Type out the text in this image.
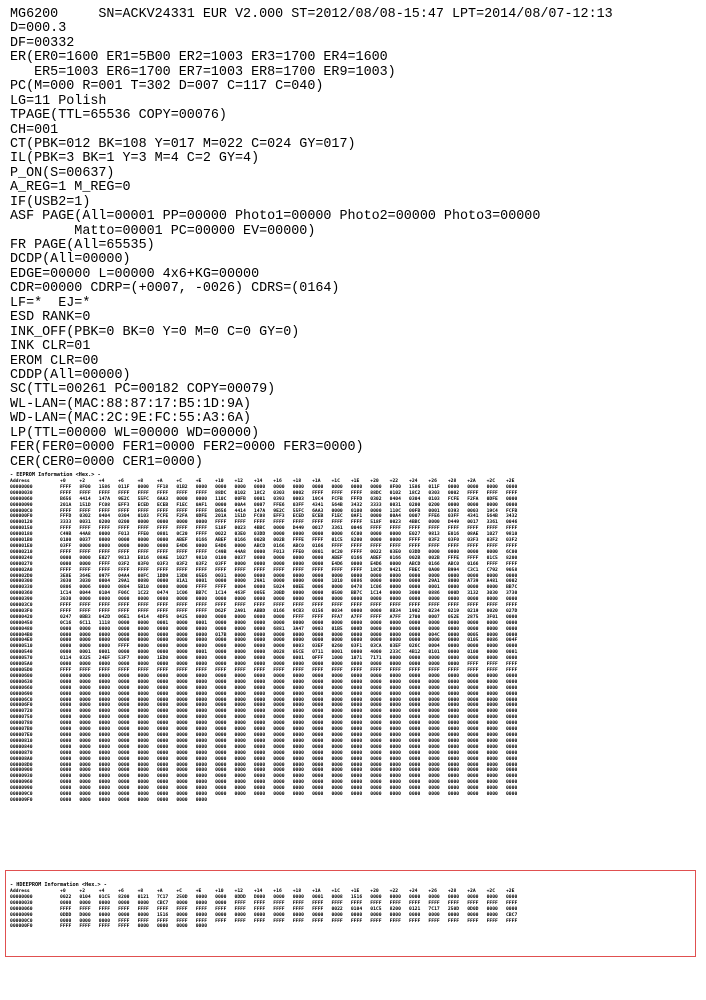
MG6200     SN=ACKV24331 EUR V2.000 ST=2012/08/08-15:47 LPT=2014/08/07-12:13
D=000.3
DF=00332
ER(ER0=1600 ER1=5B00 ER2=1003 ER3=1700 ER4=1600
ER5=1003 ER6=1700 ER7=1003 ER8=1700 ER9=1003)
PC(M=000 R=001 T=302 D=007 C=117 C=040)
LG=11 Polish
TPAGE(TTL=65536 COPY=00076)
CH=001
CT(PBK=012 BK=108 Y=017 M=022 C=024 GY=017)
IL(PBK=3 BK=1 Y=3 M=4 C=2 GY=4)
P_ON(S=00637)
A_REG=1 M_REG=0
IF(USB2=1)
ASF PAGE(All=00001 PP=00000 Photo1=00000 Photo2=00000 Photo3=00000
Matto=00001 PC=00000 EV=00000)
FR PAGE(All=65535)
DCDP(All=00000)
EDGE=00000 L=00000 4x6+KG=00000
CDR=00000 CDRP=(+0007, -0026) CDRS=(0164)
LF=*  EJ=*
ESD RANK=0
INK_OFF(PBK=0 BK=0 Y=0 M=0 C=0 GY=0)
INK CLR=01
EROM CLR=00
CDDP(All=00000)
SC(TTL=00261 PC=00182 COPY=00079)
WL-LAN=(MAC:88:87:17:B5:1D:9A)
WD-LAN=(MAC:2C:9E:FC:55:A3:6A)
LP(TTL=00000 WL=00000 WD=00000)
FER(FER0=0000 FER1=0000 FER2=0000 FER3=0000)
CER(CER0=0000 CER1=0000)
- EEPROM Information <Hex.> -
Address	+0	+2	+4	+6	+8	+A	+C	+E	+10	+12	+14	+16	+18	+1A	+1C	+1E	+20	+22	+24	+26	+28	+2A	+2C	+2E
00000000	FFFF	8F00	1586	011F	0000	FF18	01B2	0000	0000	0000	0000	0000	0000	0000	0000	0000	0000	8F00	1586	011F	0000	0000	0000	0000
00000030	FFFF	FFFF	FFFF	FFFF	FFFF	FFFF	FFFF	FFFF	88DC	0102	18C2	0303	0002	FFFF	FFFF	FFFF	88DC	0102	18C2	0303	0002	FFFF	FFFF	FFFF
00000060	B656	4414	147A	9E2C	55FC	6AA3	0000	0000	110C	00FB	0001	0393	0003	19C4	FCFB	FFFD	0302	0404	0304	0103	FCFE	F2FA	0DFE	0000
00000090	201A	151D	FC08	EFF3	ECED	ECEB	F1EC	0AF1	0000	00A4	0007	FFE6	03FF	4341	564B	3432	3333	0031	0200	0200	0000	0000	0000	0000
000000C0	FFFF	FFFF	FFFF	FFFF	FFFF	FFFF	FFFF	FFFF	B656	4414	147A	9E2C	55FC	6AA3	0000	0100	0000	110C	00FB	0001	0393	0003	19C4	FCFB
000000F0	FFFD	0302	0404	0304	0103	FCFE	F2FA	0DFE	201A	151D	FC08	EFF3	ECED	ECEB	F1EC	0AF1	0000	00A4	0007	FFE6	03FF	4341	564B	3432
00000120	3333	0031	0200	0200	0000	0000	0000	0000	FFFF	FFFF	FFFF	FFFF	FFFF	FFFF	FFFF	FFFF	518F	0023	4BBC	0000	D449	0017	3361	0046
00000150	FFFF	FFFF	FFFF	FFFF	FFFF	FFFF	FFFF	FFFF	518F	0023	4BBC	0000	D449	0017	3361	0046	FFFF	FFFF	FFFF	FFFF	FFFF	FFFF	FFFF	FFFF
00000180	C49B	44A8	0000	F013	FFE0	0801	0C20	FFFF	0022	03E0	03DD	0000	0000	0000	0000	6C00	0000	0000	E027	9813	E016	08AE	1027	9810
000001B0	0100	0037	0000	0000	0000	0000	ABEF	0166	ABEF	0166	002B	002B	FFFE	FFFF	01C5	8200	0000	0000	FFFF	03F2	03F0	03F3	03F2	03F2
000001E0	03FF	0000	0000	0000	0000	0000	E4D6	0000	E4D6	0000	ABCD	0166	ABC0	0166	FFFF	FFFF	FFFF	FFFF	FFFF	FFFF	FFFF	FFFF	FFFF	FFFF
00000210	FFFF	FFFF	FFFF	FFFF	FFFF	FFFF	FFFF	FFFF	C49B	44A8	0000	F013	FFE0	0801	0C20	FFFF	0022	03E0	03DD	0000	0000	0000	0000	6C00
00000240	0000	0000	E027	9813	E016	08AE	1027	9810	0100	0037	0000	0000	0000	0000	ABEF	0166	ABEF	0166	002B	002B	FFFE	FFFF	01C5	8200
00000270	0000	0000	FFFF	03F2	03F0	03F3	03F2	03F2	03FF	0000	0000	0000	0000	0000	E4D6	0000	E4D6	0000	ABCD	0166	ABC0	0166	FFFF	FFFF
000002A0	FFFF	FFFF	FFFF	FFFF	FFFF	FFFF	FFFF	FFFF	FFFF	FFFF	FFFF	FFFF	FFFF	FFFF	FFFF	FFFF	18CD	9421	FBEC	0A00	B994	C3C1	C792	9058
000002D0	3E8E	364E	097F	04A4	08FC	1DD9	13D8	05E6	0031	0000	0000	0000	0000	0000	0000	0000	0000	0000	0000	0000	0000	0000	0000	0000
00000300	3030	3030	0004	29A1	0080	0000	81A1	0001	0000	0000	29A1	0000	0000	0000	1010	0886	0000	0000	0000	29A1	8000	A739	A481	0002
00000330	0806	0006	0000	0804	5B10	0000	0000	FFFF	FFFF	0004	0000	5024	00EE	0006	0000	0478	1C06	0000	0000	0001	0000	0000	0000	BB7C
00000360	1C14	0044	0104	F06C	1C22	0474	1C06	BB7C	1C14	463F	005E	30BD	0000	0000	0500	BB7C	1C14	0000	3000	0886	000D	3132	3030	3730
00000390	3030	0000	0000	0000	0000	0000	0000	0000	0000	0000	0000	0000	0000	0000	0000	0000	0000	0000	0000	0000	0000	0000	0000	0000
000003C0	FFFF	FFFF	FFFF	FFFF	FFFF	FFFF	FFFF	FFFF	FFFF	FFFF	FFFF	FFFF	FFFF	FFFF	FFFF	FFFF	FFFF	FFFF	FFFF	FFFF	FFFF	FFFF	FFFF	FFFF
000003F0	FFFF	FFFF	FFFF	FFFF	FFFF	FFFF	FFFF	FFFF	D62F	2A91	ABBD	0166	9CB3	0156	0034	0000	0000	8B34	1902	0234	0219	0219	0020	027D
00000420	0247	0BB3	042D	06E1	6414	4DF6	0425	0000	0000	0000	0000	0000	FFFF	FFFF	FFA7	A7FF	FFFF	A7FF	2700	0007	052E	2875	3F01	0000
00000450	0C16	6C11	1118	0000	0000	0001	0000	0001	0000	0000	0000	0000	0000	0000	0000	0000	0000	0000	0000	0000	0000	0000	0000	0000
00000480	0000	0000	0000	0000	0000	0000	0000	0000	0000	0000	0000	6881	3A47	0903	01B5	000D	0000	0000	0000	0000	0000	0000	0000	0000
000004B0	0000	0000	0000	0000	0000	0000	0000	0000	017B	0000	0000	0000	0000	0000	0000	0000	0000	0000	0000	004C	0000	0005	0000	0000
000004E0	0000	0000	0000	0000	0000	0000	0000	0000	0000	0000	0000	0000	0000	0000	0000	0000	0000	0000	0000	0000	0000	0105	0086	004F
00000510	0000	0000	0000	FFFF	0000	0000	0000	0000	0000	0000	0000	0000	0003	03EF	0260	03F1	03CA	03EF	026C	0004	0000	0000	0000	0000
00000540	0000	0001	0001	0000	0000	0000	0000	0001	0000	0000	0000	0028	05CE	0711	0001	0000	4000	233C	4B12	0101	0000	0100	0000	0001
00000570	0114	0325	24EF	53F7	0000	1ED0	0000	0000	0000	0000	0000	0000	0001	0FFF	1000	1071	7171	0000	0000	0000	0000	0000	0000	0000
000005A0	0000	0000	0000	0000	0000	0000	0000	0000	0000	0000	0000	0000	0000	0000	0000	0000	0000	0000	0000	0000	0000	FFFF	FFFF	FFFF
000005D0	FFFF	FFFF	FFFF	FFFF	FFFF	FFFF	FFFF	FFFF	FFFF	FFFF	FFFF	FFFF	FFFF	FFFF	FFFF	FFFF	FFFF	FFFF	FFFF	FFFF	FFFF	FFFF	FFFF	FFFF
00000600	0000	0000	0000	0000	0000	0000	0000	0000	0000	0000	0000	0000	0000	0000	0000	0000	0000	0000	0000	0000	0000	0000	0000	0000
00000630	0000	0000	0000	0000	0000	0000	0000	0000	0000	0000	0000	0000	0000	0000	0000	0000	0000	0000	0000	0000	0000	0000	0000	0000
00000660	0000	0000	0000	0000	0000	0000	0000	0000	0000	0000	0000	0000	0000	0000	0000	0000	0000	0000	0000	0000	0000	0000	0000	0000
00000690	0000	0000	0000	0000	0000	0000	0000	0000	0000	0000	0000	0000	0000	0000	0000	0000	0000	0000	0000	0000	0000	0000	0000	0000
000006C0	0000	0000	0000	0000	0000	0000	0000	0000	0000	0000	0000	0000	0000	0000	0000	0000	0000	0000	0000	0000	0000	0000	0000	0000
000006F0	0000	0000	0000	0000	0000	0000	0000	0000	0000	0000	0000	0000	0000	0000	0000	0000	0000	0000	0000	0000	0000	0000	0000	0000
00000720	0000	0000	0000	0000	0000	0000	0000	0000	0000	0000	0000	0000	0000	0000	0000	0000	0000	0000	0000	0000	0000	0000	0000	0000
00000750	0000	0000	0000	0000	0000	0000	0000	0000	0000	0000	0000	0000	0000	0000	0000	0000	0000	0000	0000	0000	0000	0000	0000	0000
00000780	0000	0000	0000	0000	0000	0000	0000	0000	0000	0000	0000	0000	0000	0000	0000	0000	0000	0000	0000	0000	0000	0000	0000	0000
000007B0	0000	0000	0000	0000	0000	0000	0000	0000	0000	0000	0000	0000	0000	0000	0000	0000	0000	0000	0000	0000	0000	0000	0000	0000
000007E0	0000	0000	0000	0000	0000	0000	0000	0000	0000	0000	0000	0000	0000	0000	0000	0000	0000	0000	0000	0000	0000	0000	0000	0000
00000810	0000	0000	0000	0000	0000	0000	0000	0000	0000	0000	0000	0000	0000	0000	0000	0000	0000	0000	0000	0000	0000	0000	0000	0000
00000840	0000	0000	0000	0000	0000	0000	0000	0000	0000	0000	0000	0000	0000	0000	0000	0000	0000	0000	0000	0000	0000	0000	0000	0000
00000870	0000	0000	0000	0000	0000	0000	0000	0000	0000	0000	0000	0000	0000	0000	0000	0000	0000	0000	0000	0000	0000	0000	0000	0000
000008A0	0000	0000	0000	0000	0000	0000	0000	0000	0000	0000	0000	0000	0000	0000	0000	0000	0000	0000	0000	0000	0000	0000	0000	0000
000008D0	0000	0000	0000	0000	0000	0000	0000	0000	0000	0000	0000	0000	0000	0000	0000	0000	0000	0000	0000	0000	0000	0000	0000	0000
00000900	0000	0000	0000	0000	0000	0000	0000	0000	0000	0000	0000	0000	0000	0000	0000	0000	0000	0000	0000	0000	0000	0000	0000	0000
00000930	0000	0000	0000	0000	0000	0000	0000	0000	0000	0000	0000	0000	0000	0000	0000	0000	0000	0000	0000	0000	0000	0000	0000	0000
00000960	0000	0000	0000	0000	0000	0000	0000	0000	0000	0000	0000	0000	0000	0000	0000	0000	0000	0000	0000	0000	0000	0000	0000	0000
00000990	0000	0000	0000	0000	0000	0000	0000	0000	0000	0000	0000	0000	0000	0000	0000	0000	0000	0000	0000	0000	0000	0000	0000	0000
000009C0	0000	0000	0000	0000	0000	0000	0000	0000	0000	0000	0000	0000	0000	0000	0000	0000	0000	0000	0000	0000	0000	0000	0000	0000
000009F0	0000	0000	0000	0000	0000	0000	0000	0000
- HDEEPROM Information <Hex.> -
Address	+0	+2	+4	+6	+8	+A	+C	+E	+10	+12	+14	+16	+18	+1A	+1C	+1E	+20	+22	+24	+26	+28	+2A	+2C	+2E
00000000	0022	0104	01C5	8200	0121	7C17	250D	0000	0000	0DDD	D000	0000	0000	0001	0008	1516	0000	0000	0000	0000	0000	0000	0000	0000
00000030	0000	0000	0000	0000	0000	CBC7	0000	0000	0000	FFFF	FFFF	FFFF	FFFF	FFFF	FFFF	FFFF	FFFF	FFFF	FFFF	FFFF	FFFF	FFFF	FFFF	FFFF
00000060	FFFF	FFFF	FFFF	FFFF	FFFF	FFFF	FFFF	FFFF	FFFF	FFFF	FFFF	FFFF	FFFF	FFFF	0022	0104	01C5	8200	0121	7C17	250D	0D0D	0000	0000
00000090	0DDD	D000	0000	0000	0000	1516	0000	0000	0000	0000	0000	0000	0000	0000	0000	0000	0000	0000	0000	0000	0000	0000	0000	CBC7
000000C0	0000	0000	0000	FFFF	FFFF	FFFF	FFFF	FFFF	FFFF	FFFF	FFFF	FFFF	FFFF	FFFF	FFFF	FFFF	FFFF	FFFF	FFFF	FFFF	FFFF	FFFF	FFFF	FFFF
000000F0	FFFF	FFFF	FFFF	FFFF	0000	0000	0000	0000
